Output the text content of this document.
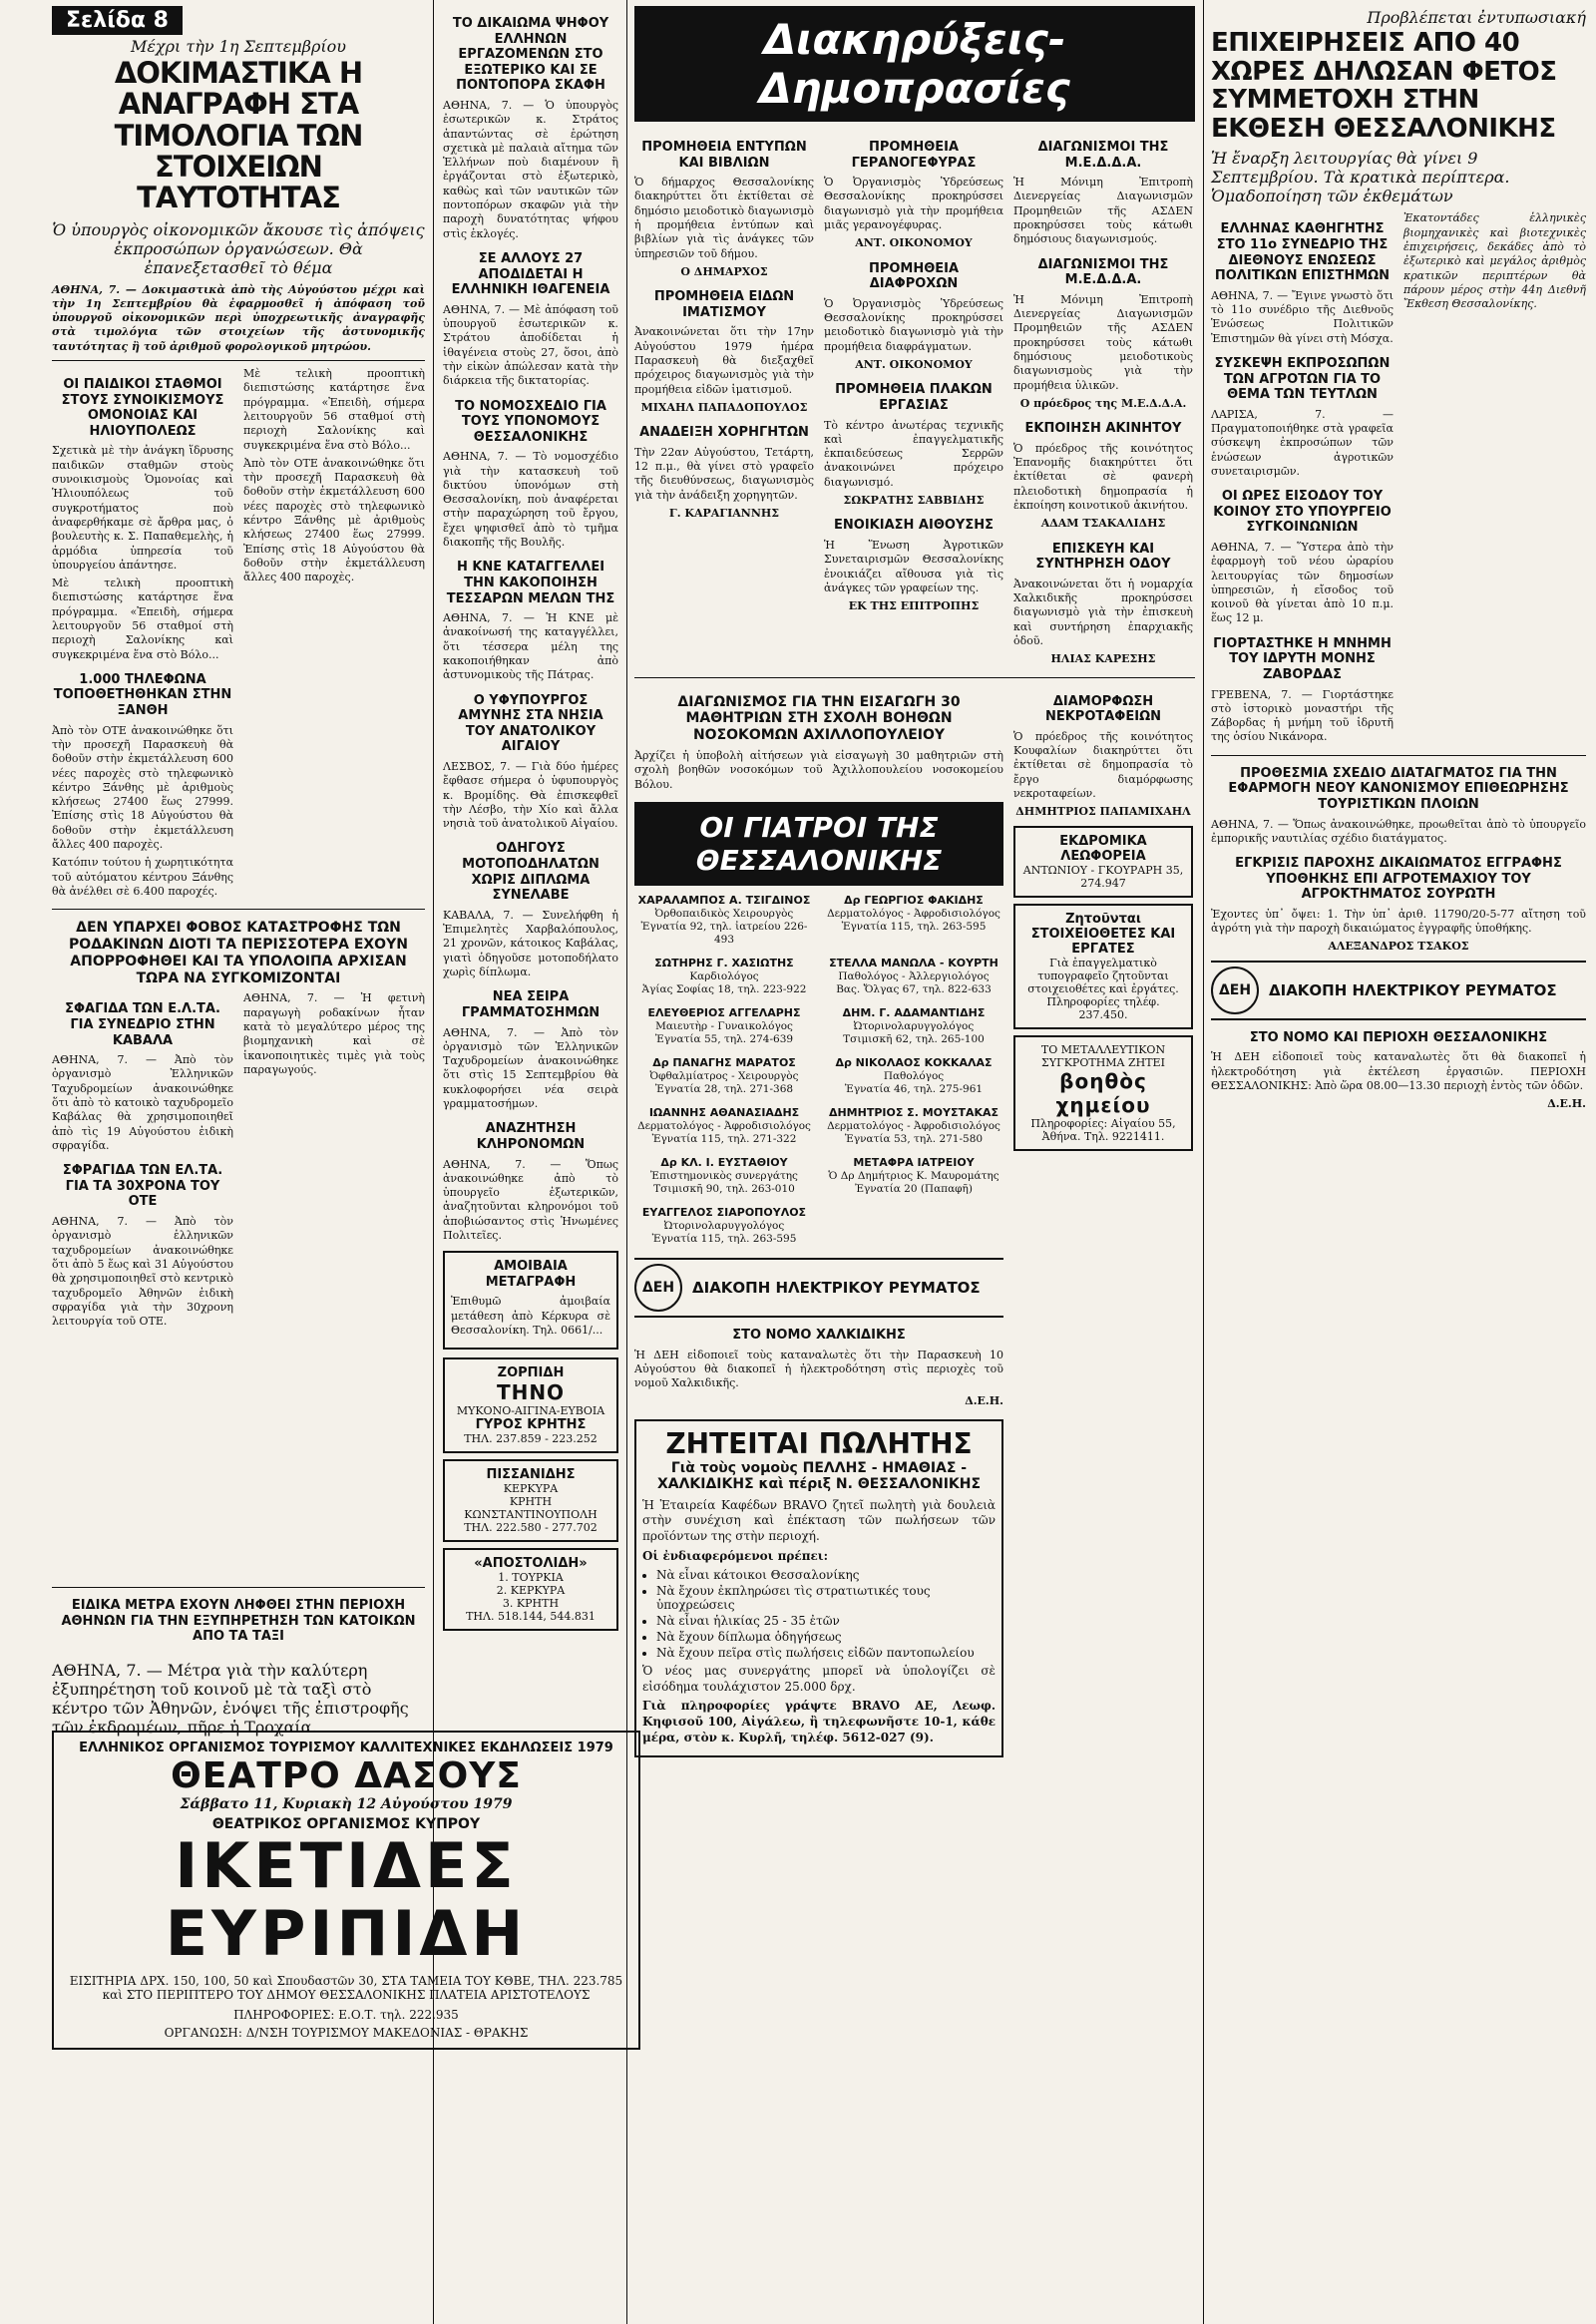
Σελίδα 8
Μέχρι τὴν 1η Σεπτεμβρίου
ΔΟΚΙΜΑΣΤΙΚΑ Η ΑΝΑΓΡΑΦΗ ΣΤΑ ΤΙΜΟΛΟΓΙΑ ΤΩΝ ΣΤΟΙΧΕΙΩΝ ΤΑΥΤΟΤΗΤΑΣ
Ὁ ὑπουργὸς οἰκονομικῶν ἄκουσε τὶς ἀπόψεις ἐκπροσώπων ὀργανώσεων. Θὰ ἐπανεξετασθεῖ τὸ θέμα

ΑΘΗΝΑ, 7. — Δοκιμαστικὰ ἀπὸ τὴς Αὐγούστου μέχρι καὶ τὴν 1η Σεπτεμβρίου θὰ ἐφαρμοσθεῖ ἡ ἀπόφαση τοῦ ὑπουργοῦ οἰκονομικῶν περὶ ὑποχρεωτικῆς ἀναγραφῆς στὰ τιμολόγια τῶν στοιχείων τῆς ἀστυνομικῆς ταυτότητας ἢ τοῦ ἀριθμοῦ φορολογικοῦ μητρώου.

ΟΙ ΠΑΙΔΙΚΟΙ ΣΤΑΘΜΟΙ ΣΤΟΥΣ ΣΥΝΟΙΚΙΣΜΟΥΣ ΟΜΟΝΟΙΑΣ ΚΑΙ ΗΛΙΟΥΠΟΛΕΩΣ

Σχετικὰ μὲ τὴν ἀνάγκη ἵδρυσης παιδικῶν σταθμῶν στοὺς συνοικισμοὺς Ὁμονοίας καὶ Ἡλιουπόλεως τοῦ συγκροτήματος ποὺ ἀναφερθήκαμε σὲ ἄρθρα μας, ὁ βουλευτὴς κ. Σ. Παπαθεμελὴς, ἡ ἁρμόδια ὑπηρεσία τοῦ ὑπουργείου ἀπάντησε.

Μὲ τελικὴ προοπτικὴ διεπιστώσης κατάρτησε ἕνα πρόγραμμα. «Ἐπειδὴ, σήμερα λειτουργοῦν 56 σταθμοί στὴ περιοχὴ Σαλονίκης καὶ συγκεκριμένα ἕνα στὸ Βόλο...

1.000 ΤΗΛΕΦΩΝΑ ΤΟΠΟΘΕΤΗΘΗΚΑΝ ΣΤΗΝ ΞΑΝΘΗ

Ἀπὸ τὸν ΟΤΕ ἀνακοινώθηκε ὅτι τὴν προσεχῆ Παρασκευὴ θὰ δοθοῦν στὴν ἐκμετάλλευση 600 νέες παροχὲς στὸ τηλεφωνικὸ κέντρο Ξάνθης μὲ ἀριθμοὺς κλήσεως 27400 ἕως 27999. Ἐπίσης στὶς 18 Αὐγούστου θὰ δοθοῦν στὴν ἐκμετάλλευση ἄλλες 400 παροχὲς.

Κατόπιν τούτου ἡ χωρητικότητα τοῦ αὐτόματου κέντρου Ξάνθης θὰ ἀνέλθει σὲ 6.400 παροχές.

Μὲ τελικὴ προοπτικὴ διεπιστώσης κατάρτησε ἕνα πρόγραμμα. «Ἐπειδὴ, σήμερα λειτουργοῦν 56 σταθμοί στὴ περιοχὴ Σαλονίκης καὶ συγκεκριμένα ἕνα στὸ Βόλο...

Ἀπὸ τὸν ΟΤΕ ἀνακοινώθηκε ὅτι τὴν προσεχῆ Παρασκευὴ θὰ δοθοῦν στὴν ἐκμετάλλευση 600 νέες παροχὲς στὸ τηλεφωνικὸ κέντρο Ξάνθης μὲ ἀριθμοὺς κλήσεως 27400 ἕως 27999. Ἐπίσης στὶς 18 Αὐγούστου θὰ δοθοῦν στὴν ἐκμετάλλευση ἄλλες 400 παροχὲς.

ΔΕΝ ΥΠΑΡΧΕΙ ΦΟΒΟΣ ΚΑΤΑΣΤΡΟΦΗΣ ΤΩΝ ΡΟΔΑΚΙΝΩΝ ΔΙΟΤΙ ΤΑ ΠΕΡΙΣΣΟΤΕΡΑ ΕΧΟΥΝ ΑΠΟΡΡΟΦΗΘΕΙ ΚΑΙ ΤΑ ΥΠΟΛΟΙΠΑ ΑΡΧΙΣΑΝ ΤΩΡΑ ΝΑ ΣΥΓΚΟΜΙΖΟΝΤΑΙ
ΣΦΑΓΙΔΑ ΤΩΝ Ε.Λ.ΤΑ. ΓΙΑ ΣΥΝΕΔΡΙΟ ΣΤΗΝ ΚΑΒΑΛΑ

ΑΘΗΝΑ, 7. — Ἀπὸ τὸν ὀργανισμὸ Ἑλληνικῶν Ταχυδρομείων ἀνακοινώθηκε ὅτι ἀπὸ τὸ κατοικὸ ταχυδρομεῖο Καβάλας θὰ χρησιμοποιηθεῖ ἀπὸ τὶς 19 Αὐγούστου ἐιδικὴ σφραγίδα.

ΣΦΡΑΓΙΔΑ ΤΩΝ ΕΛ.ΤΑ. ΓΙΑ ΤΑ 30ΧΡΟΝΑ ΤΟΥ ΟΤΕ

ΑΘΗΝΑ, 7. — Ἀπὸ τὸν ὀργανισμὸ ἑλληνικῶν ταχυδρομείων ἀνακοινώθηκε ὅτι ἀπὸ 5 ἕως καὶ 31 Αὐγούστου θὰ χρησιμοποιηθεῖ στὸ κεντρικὸ ταχυδρομεῖο Ἀθηνῶν ἐιδικὴ σφραγίδα γιὰ τὴν 30χρονη λειτουργία τοῦ ΟΤΕ.

ΑΘΗΝΑ, 7. — Ἡ φετινὴ παραγωγὴ ροδακίνων ἦταν κατὰ τὸ μεγαλύτερο μέρος της βιομηχανικὴ καὶ σὲ ἱκανοποιητικὲς τιμὲς γιὰ τοὺς παραγωγούς.

ΤΟ ΔΙΚΑΙΩΜΑ ΨΗΦΟΥ ΕΛΛΗΝΩΝ ΕΡΓΑΖΟΜΕΝΩΝ ΣΤΟ ΕΞΩΤΕΡΙΚΟ ΚΑΙ ΣΕ ΠΟΝΤΟΠΟΡΑ ΣΚΑΦΗ

ΑΘΗΝΑ, 7. — Ὁ ὑπουργὸς ἐσωτερικῶν κ. Στράτος ἀπαντώντας σὲ ἐρώτηση σχετικὰ μὲ παλαιὰ αἴτημα τῶν Ἑλλήνων ποὺ διαμένουν ἢ ἐργάζονται στὸ ἐξωτερικὸ, καθὼς καὶ τῶν ναυτικῶν τῶν ποντοπόρων σκαφῶν γιὰ τὴν παροχὴ δυνατότητας ψήφου στὶς ἐκλογές.

ΣΕ ΑΛΛΟΥΣ 27 ΑΠΟΔΙΔΕΤΑΙ Η ΕΛΛΗΝΙΚΗ ΙΘΑΓΕΝΕΙΑ

ΑΘΗΝΑ, 7. — Μὲ ἀπόφαση τοῦ ὑπουργοῦ ἐσωτερικῶν κ. Στράτου ἀποδίδεται ἡ ἰθαγένεια στοὺς 27, ὅσοι, ἀπὸ τὴν εἰκὼν ἀπώλεσαν κατὰ τὴν διάρκεια τῆς δικτατορίας.

ΤΟ ΝΟΜΟΣΧΕΔΙΟ ΓΙΑ ΤΟΥΣ ΥΠΟΝΟΜΟΥΣ ΘΕΣΣΑΛΟΝΙΚΗΣ

ΑΘΗΝΑ, 7. — Τὸ νομοσχέδιο γιὰ τὴν κατασκευὴ τοῦ δικτύου ὑπονόμων στὴ Θεσσαλονίκη, ποὺ ἀναφέρεται στὴν παραχώρηση τοῦ ἔργου, ἔχει ψηφισθεῖ ἀπὸ τὸ τμῆμα διακοπῆς τῆς Βουλῆς.

Η ΚΝΕ ΚΑΤΑΓΓΕΛΛΕΙ ΤΗΝ ΚΑΚΟΠΟΙΗΣΗ ΤΕΣΣΑΡΩΝ ΜΕΛΩΝ ΤΗΣ

ΑΘΗΝΑ, 7. — Ἡ ΚΝΕ μὲ ἀνακοίνωσή της καταγγέλλει, ὅτι τέσσερα μέλη της κακοποιήθηκαν ἀπὸ ἀστυνομικοὺς τῆς Πάτρας.

Ο ΥΦΥΠΟΥΡΓΟΣ ΑΜΥΝΗΣ ΣΤΑ ΝΗΣΙΑ ΤΟΥ ΑΝΑΤΟΛΙΚΟΥ ΑΙΓΑΙΟΥ

ΛΕΣΒΟΣ, 7. — Γιὰ δύο ἡμέρες ἔφθασε σήμερα ὁ ὑφυπουργὸς κ. Βρομίδης. Θὰ ἐπισκεφθεῖ τὴν Λέσβο, τὴν Χίο καὶ ἄλλα νησιὰ τοῦ ἀνατολικοῦ Αἰγαίου.

ΟΔΗΓΟΥΣ ΜΟΤΟΠΟΔΗΛΑΤΩΝ ΧΩΡΙΣ ΔΙΠΛΩΜΑ ΣΥΝΕΛΑΒΕ

ΚΑΒΑΛΑ, 7. — Συνελήφθη ἡ Ἐπιμελητὲς Χαρβαλόπουλος, 21 χρονῶν, κάτοικος Καβάλας, γιατὶ ὁδηγοῦσε μοτοποδήλατο χωρὶς δίπλωμα.

ΝΕΑ ΣΕΙΡΑ ΓΡΑΜΜΑΤΟΣΗΜΩΝ

ΑΘΗΝΑ, 7. — Ἀπὸ τὸν ὀργανισμὸ τῶν Ἑλληνικῶν Ταχυδρομείων ἀνακοινώθηκε ὅτι στὶς 15 Σεπτεμβρίου θὰ κυκλοφορήσει νέα σειρὰ γραμματοσήμων.

ΑΝΑΖΗΤΗΣΗ ΚΛΗΡΟΝΟΜΩΝ

ΑΘΗΝΑ, 7. — Ὅπως ἀνακοινώθηκε ἀπὸ τὸ ὑπουργεῖο ἐξωτερικῶν, ἀναζητοῦνται κληρονόμοι τοῦ ἀποβιώσαντος στὶς Ἡνωμένες Πολιτεῖες.

ΑΜΟΙΒΑΙΑ ΜΕΤΑΓΡΑΦΗ

Ἐπιθυμῶ ἀμοιβαία μετάθεση ἀπὸ Κέρκυρα σὲ Θεσσαλονίκη. Τηλ. 0661/...

ΖΟΡΠΙΔΗ
ΤΗΝΟ
ΜΥΚΟΝΟ-ΑΙΓΙΝΑ-ΕΥΒΟΙΑ
ΓΥΡΟΣ ΚΡΗΤΗΣ
ΤΗΛ. 237.859 - 223.252
ΠΙΣΣΑΝΙΔΗΣ
ΚΕΡΚΥΡΑ
ΚΡΗΤΗ
ΚΩΝΣΤΑΝΤΙΝΟΥΠΟΛΗ
ΤΗΛ. 222.580 - 277.702
«ΑΠΟΣΤΟΛΙΔΗ»
1. ΤΟΥΡΚΙΑ
2. ΚΕΡΚΥΡΑ
3. ΚΡΗΤΗ
ΤΗΛ. 518.144, 544.831
ΕΙΔΙΚΑ ΜΕΤΡΑ ΕΧΟΥΝ ΛΗΦΘΕΙ ΣΤΗΝ ΠΕΡΙΟΧΗ ΑΘΗΝΩΝ ΓΙΑ ΤΗΝ ΕΞΥΠΗΡΕΤΗΣΗ ΤΩΝ ΚΑΤΟΙΚΩΝ ΑΠΟ ΤΑ ΤΑΞΙ

ΑΘΗΝΑ, 7. — Μέτρα γιὰ τὴν καλύτερη ἐξυπηρέτηση τοῦ κοινοῦ μὲ τὰ ταξὶ στὸ κέντρο τῶν Ἀθηνῶν, ἐνόψει τῆς ἐπιστροφῆς τῶν ἐκδρομέων, πῆρε ἡ Τροχαία.

ΕΛΛΗΝΙΚΟΣ ΟΡΓΑΝΙΣΜΟΣ ΤΟΥΡΙΣΜΟΥ ΚΑΛΛΙΤΕΧΝΙΚΕΣ ΕΚΔΗΛΩΣΕΙΣ 1979
ΘΕΑΤΡΟ ΔΑΣΟΥΣ
Σάββατο 11, Κυριακὴ 12 Αὐγούστου 1979
ΘΕΑΤΡΙΚΟΣ ΟΡΓΑΝΙΣΜΟΣ ΚΥΠΡΟΥ
ΙΚΕΤΙΔΕΣ
ΕΥΡΙΠΙΔΗ
ΕΙΣΙΤΗΡΙΑ ΔΡΧ. 150, 100, 50 καὶ Σπουδαστῶν 30, ΣΤΑ ΤΑΜΕΙΑ ΤΟΥ ΚΘΒΕ, ΤΗΛ. 223.785 καὶ ΣΤΟ ΠΕΡΙΠΤΕΡΟ ΤΟΥ ΔΗΜΟΥ ΘΕΣΣΑΛΟΝΙΚΗΣ ΠΛΑΤΕΙΑ ΑΡΙΣΤΟΤΕΛΟΥΣ
ΠΛΗΡΟΦΟΡΙΕΣ: Ε.Ο.Τ. τηλ. 222.935
ΟΡΓΑΝΩΣΗ: Δ/ΝΣΗ ΤΟΥΡΙΣΜΟΥ ΜΑΚΕΔΟΝΙΑΣ - ΘΡΑΚΗΣ
Διακηρύξεις-Δημοπρασίες
ΠΡΟΜΗΘΕΙΑ ΕΝΤΥΠΩΝ ΚΑΙ ΒΙΒΛΙΩΝ

Ὁ δήμαρχος Θεσσαλονίκης διακηρύττει ὅτι ἐκτίθεται σὲ δημόσιο μειοδοτικὸ διαγωνισμὸ ἡ προμήθεια ἐντύπων καὶ βιβλίων γιὰ τὶς ἀνάγκες τῶν ὑπηρεσιῶν τοῦ δήμου.

Ο ΔΗΜΑΡΧΟΣ

ΠΡΟΜΗΘΕΙΑ ΕΙΔΩΝ ΙΜΑΤΙΣΜΟΥ

Ἀνακοινώνεται ὅτι τὴν 17ην Αὐγούστου 1979 ἡμέρα Παρασκευὴ θὰ διεξαχθεῖ πρόχειρος διαγωνισμὸς γιὰ τὴν προμήθεια εἰδῶν ἱματισμοῦ.

ΜΙΧΑΗΛ ΠΑΠΑΔΟΠΟΥΛΟΣ

ΑΝΑΔΕΙΞΗ ΧΟΡΗΓΗΤΩΝ

Τὴν 22αν Αὐγούστου, Τετάρτη, 12 π.μ., θὰ γίνει στὸ γραφεῖο τῆς διευθύνσεως, διαγωνισμὸς γιὰ τὴν ἀνάδειξη χορηγητῶν.

Γ. ΚΑΡΑΓΙΑΝΝΗΣ

ΠΡΟΜΗΘΕΙΑ ΓΕΡΑΝΟΓΕΦΥΡΑΣ

Ὁ Ὀργανισμὸς Ὑδρεύσεως Θεσσαλονίκης προκηρύσσει διαγωνισμὸ γιὰ τὴν προμήθεια μιᾶς γερανογέφυρας.

ΑΝΤ. ΟΙΚΟΝΟΜΟΥ

ΠΡΟΜΗΘΕΙΑ ΔΙΑΦΡΟΧΩΝ

Ὁ Ὀργανισμὸς Ὑδρεύσεως Θεσσαλονίκης προκηρύσσει μειοδοτικὸ διαγωνισμὸ γιὰ τὴν προμήθεια διαφράγματων.

ΑΝΤ. ΟΙΚΟΝΟΜΟΥ

ΠΡΟΜΗΘΕΙΑ ΠΛΑΚΩΝ ΕΡΓΑΣΙΑΣ

Τὸ κέντρο ἀνωτέρας τεχνικῆς καὶ ἐπαγγελματικῆς ἐκπαιδεύσεως Σερρῶν ἀνακοινώνει πρόχειρο διαγωνισμό.

ΣΩΚΡΑΤΗΣ ΣΑΒΒΙΔΗΣ

ΕΝΟΙΚΙΑΣΗ ΑΙΘΟΥΣΗΣ

Ἡ Ἕνωση Ἀγροτικῶν Συνεταιρισμῶν Θεσσαλονίκης ἐνοικιάζει αἴθουσα γιὰ τὶς ἀνάγκες τῶν γραφείων της.

ΕΚ ΤΗΣ ΕΠΙΤΡΟΠΗΣ

ΔΙΑΓΩΝΙΣΜΟΙ ΤΗΣ Μ.Ε.Δ.Δ.Α.

Ἡ Μόνιμη Ἐπιτροπὴ Διενεργείας Διαγωνισμῶν Προμηθειῶν τῆς ΑΣΔΕΝ προκηρύσσει τοὺς κάτωθι δημόσιους διαγωνισμούς.

ΔΙΑΓΩΝΙΣΜΟΙ ΤΗΣ Μ.Ε.Δ.Δ.Α.

Ἡ Μόνιμη Ἐπιτροπὴ Διενεργείας Διαγωνισμῶν Προμηθειῶν τῆς ΑΣΔΕΝ προκηρύσσει τοὺς κάτωθι δημόσιους μειοδοτικοὺς διαγωνισμοὺς γιὰ τὴν προμήθεια ὑλικῶν.

Ο πρόεδρος της Μ.Ε.Δ.Δ.Α.

ΕΚΠΟΙΗΣΗ ΑΚΙΝΗΤΟΥ

Ὁ πρόεδρος τῆς κοινότητος Ἐπανομῆς διακηρύττει ὅτι ἐκτίθεται σὲ φανερὴ πλειοδοτικὴ δημοπρασία ἡ ἐκποίηση κοινοτικοῦ ἀκινήτου.

ΑΔΑΜ ΤΣΑΚΑΛΙΔΗΣ

ΕΠΙΣΚΕΥΗ ΚΑΙ ΣΥΝΤΗΡΗΣΗ ΟΔΟΥ

Ἀνακοινώνεται ὅτι ἡ νομαρχία Χαλκιδικῆς προκηρύσσει διαγωνισμὸ γιὰ τὴν ἐπισκευὴ καὶ συντήρηση ἐπαρχιακῆς ὁδοῦ.

ΗΛΙΑΣ ΚΑΡΕΣΗΣ

ΔΙΑΓΩΝΙΣΜΟΣ ΓΙΑ ΤΗΝ ΕΙΣΑΓΩΓΗ 30 ΜΑΘΗΤΡΙΩΝ ΣΤΗ ΣΧΟΛΗ ΒΟΗΘΩΝ ΝΟΣΟΚΟΜΩΝ ΑΧΙΛΛΟΠΟΥΛΕΙΟΥ

Ἀρχίζει ἡ ὑποβολὴ αἰτήσεων γιὰ εἰσαγωγὴ 30 μαθητριῶν στὴ σχολὴ βοηθῶν νοσοκόμων τοῦ Ἀχιλλοπουλείου νοσοκομείου Βόλου.

ΟΙ ΓΙΑΤΡΟΙ ΤΗΣ ΘΕΣΣΑΛΟΝΙΚΗΣ
ΧΑΡΑΛΑΜΠΟΣ Α. ΤΣΙΓΔΙΝΟΣ
Ὀρθοπαιδικὸς Χειρουργὸς
Ἐγνατία 92, τηλ. ἰατρείου 226-493
Δρ ΓΕΩΡΓΙΟΣ ΦΑΚΙΔΗΣ
Δερματολόγος - Ἀφροδισιολόγος
Ἐγνατία 115, τηλ. 263-595
ΣΩΤΗΡΗΣ Γ. ΧΑΣΙΩΤΗΣ
Καρδιολόγος
Ἁγίας Σοφίας 18, τηλ. 223-922
ΣΤΕΛΛΑ ΜΑΝΩΛΑ - ΚΟΥΡΤΗ
Παθολόγος - Ἀλλεργιολόγος
Βας. Ὄλγας 67, τηλ. 822-633
ΕΛΕΥΘΕΡΙΟΣ ΑΓΓΕΛΑΡΗΣ
Μαιευτὴρ - Γυναικολόγος
Ἐγνατία 55, τηλ. 274-639
ΔΗΜ. Γ. ΑΔΑΜΑΝΤΙΔΗΣ
Ὠτορινολαρυγγολόγος
Τσιμισκῆ 62, τηλ. 265-100
Δρ ΠΑΝΑΓΗΣ ΜΑΡΑΤΟΣ
Ὀφθαλμίατρος - Χειρουργὸς
Ἐγνατία 28, τηλ. 271-368
Δρ ΝΙΚΟΛΑΟΣ ΚΟΚΚΑΛΑΣ
Παθολόγος
Ἐγνατία 46, τηλ. 275-961
ΙΩΑΝΝΗΣ ΑΘΑΝΑΣΙΑΔΗΣ
Δερματολόγος - Ἀφροδισιολόγος
Ἐγνατία 115, τηλ. 271-322
ΔΗΜΗΤΡΙΟΣ Σ. ΜΟΥΣΤΑΚΑΣ
Δερματολόγος - Ἀφροδισιολόγος
Ἐγνατία 53, τηλ. 271-580
Δρ ΚΛ. Ι. ΕΥΣΤΑΘΙΟΥ
Ἐπιστημονικὸς συνεργάτης
Τσιμισκῆ 90, τηλ. 263-010
ΜΕΤΑΦΡΑ ΙΑΤΡΕΙΟΥ
Ὁ Δρ Δημήτριος Κ. Μαυρομάτης
Ἐγνατία 20 (Παπαφῆ)
ΕΥΑΓΓΕΛΟΣ ΣΙΑΡΟΠΟΥΛΟΣ
Ὠτορινολαρυγγολόγος
Ἐγνατία 115, τηλ. 263-595
ΔΕΗ	ΔΙΑΚΟΠΗ ΗΛΕΚΤΡΙΚΟΥ ΡΕΥΜΑΤΟΣ
ΣΤΟ ΝΟΜΟ ΧΑΛΚΙΔΙΚΗΣ

Ἡ ΔΕΗ εἰδοποιεῖ τοὺς καταναλωτὲς ὅτι τὴν Παρασκευὴ 10 Αὐγούστου θὰ διακοπεῖ ἡ ἠλεκτροδότηση στὶς περιοχὲς τοῦ νομοῦ Χαλκιδικῆς.

Δ.Ε.Η.

ΖΗΤΕΙΤΑΙ ΠΩΛΗΤΗΣ
Γιὰ τοὺς νομοὺς ΠΕΛΛΗΣ - ΗΜΑΘΙΑΣ - ΧΑΛΚΙΔΙΚΗΣ καὶ πέριξ Ν. ΘΕΣΣΑΛΟΝΙΚΗΣ

Ἡ Ἑταιρεία Καφέδων BRAVO ζητεῖ πωλητὴ γιὰ δουλειὰ στὴν συνέχιση καὶ ἐπέκταση τῶν πωλήσεων τῶν προϊόντων της στὴν περιοχή.

Οἱ ἐνδιαφερόμενοι πρέπει:

• Νὰ εἶναι κάτοικοι Θεσσαλονίκης
• Νὰ ἔχουν ἐκπληρώσει τὶς στρατιωτικές τους ὑποχρεώσεις
• Νὰ εἶναι ἡλικίας 25 - 35 ἐτῶν
• Νὰ ἔχουν δίπλωμα ὁδηγήσεως
• Νὰ ἔχουν πεῖρα στὶς πωλήσεις εἰδῶν παντοπωλείου

Ὁ νέος μας συνεργάτης μπορεῖ νὰ ὑπολογίζει σὲ εἰσόδημα τουλάχιστον 25.000 δρχ.

Γιὰ πληροφορίες γράψτε BRAVO ΑΕ, Λεωφ. Κηφισοῦ 100, Αἰγάλεω, ἢ τηλεφωνῆστε 10-1, κάθε μέρα, στὸν κ. Κυρλῆ, τηλέφ. 5612-027 (9).

ΔΙΑΜΟΡΦΩΣΗ ΝΕΚΡΟΤΑΦΕΙΩΝ

Ὁ πρόεδρος τῆς κοινότητος Κουφαλίων διακηρύττει ὅτι ἐκτίθεται σὲ δημοπρασία τὸ ἔργο διαμόρφωσης νεκροταφείων.

ΔΗΜΗΤΡΙΟΣ ΠΑΠΑΜΙΧΑΗΛ

ΕΚΔΡΟΜΙΚΑ ΛΕΩΦΟΡΕΙΑ
ΑΝΤΩΝΙΟΥ - ΓΚΟΥΡΑΡΗ 35, 274.947
Ζητοῦνται ΣΤΟΙΧΕΙΟΘΕΤΕΣ ΚΑΙ ΕΡΓΑΤΕΣ
Γιὰ ἐπαγγελματικὸ τυπογραφεῖο ζητοῦνται στοιχειοθέτες καὶ ἐργάτες. Πληροφορίες τηλέφ. 237.450.
ΤΟ ΜΕΤΑΛΛΕΥΤΙΚΟΝ ΣΥΓΚΡΟΤΗΜΑ ΖΗΤΕΙ
βοηθὸς χημείου
Πληροφορίες: Αἰγαίου 55, Ἀθήνα. Τηλ. 9221411.
Προβλέπεται ἐντυπωσιακή
ΕΠΙΧΕΙΡΗΣΕΙΣ ΑΠΟ 40 ΧΩΡΕΣ ΔΗΛΩΣΑΝ ΦΕΤΟΣ ΣΥΜΜΕΤΟΧΗ ΣΤΗΝ ΕΚΘΕΣΗ ΘΕΣΣΑΛΟΝΙΚΗΣ
Ἡ ἔναρξη λειτουργίας θὰ γίνει 9 Σεπτεμβρίου. Τὰ κρατικὰ περίπτερα. Ὁμαδοποίηση τῶν ἐκθεμάτων
ΕΛΛΗΝΑΣ ΚΑΘΗΓΗΤΗΣ ΣΤΟ 11ο ΣΥΝΕΔΡΙΟ ΤΗΣ ΔΙΕΘΝΟΥΣ ΕΝΩΣΕΩΣ ΠΟΛΙΤΙΚΩΝ ΕΠΙΣΤΗΜΩΝ

ΑΘΗΝΑ, 7. — Ἔγινε γνωστὸ ὅτι τὸ 11ο συνέδριο τῆς Διεθνοῦς Ἑνώσεως Πολιτικῶν Ἐπιστημῶν θὰ γίνει στὴ Μόσχα.

ΣΥΣΚΕΨΗ ΕΚΠΡΟΣΩΠΩΝ ΤΩΝ ΑΓΡΟΤΩΝ ΓΙΑ ΤΟ ΘΕΜΑ ΤΩΝ ΤΕΥΤΛΩΝ

ΛΑΡΙΣΑ, 7. — Πραγματοποιήθηκε στὰ γραφεῖα σύσκεψη ἐκπροσώπων τῶν ἑνώσεων ἀγροτικῶν συνεταιρισμῶν.

ΟΙ ΩΡΕΣ ΕΙΣΟΔΟΥ ΤΟΥ ΚΟΙΝΟΥ ΣΤΟ ΥΠΟΥΡΓΕΙΟ ΣΥΓΚΟΙΝΩΝΙΩΝ

ΑΘΗΝΑ, 7. — Ὕστερα ἀπὸ τὴν ἐφαρμογὴ τοῦ νέου ὡραρίου λειτουργίας τῶν δημοσίων ὑπηρεσιῶν, ἡ εἴσοδος τοῦ κοινοῦ θὰ γίνεται ἀπὸ 10 π.μ. ἕως 12 μ.

ΓΙΟΡΤΑΣΤΗΚΕ Η ΜΝΗΜΗ ΤΟΥ ΙΔΡΥΤΗ ΜΟΝΗΣ ΖΑΒΟΡΔΑΣ

ΓΡΕΒΕΝΑ, 7. — Γιορτάστηκε στὸ ἱστορικὸ μοναστήρι τῆς Ζάβορδας ἡ μνήμη τοῦ ἱδρυτῆ της ὁσίου Νικάνορα.

Ἐκατοντάδες ἑλληνικὲς βιομηχανικὲς καὶ βιοτεχνικὲς ἐπιχειρήσεις, δεκάδες ἀπὸ τὸ ἐξωτερικὸ καὶ μεγάλος ἀριθμὸς κρατικῶν περιπτέρων θὰ πάρουν μέρος στὴν 44η Διεθνῆ Ἔκθεση Θεσσαλονίκης.

ΠΡΟΘΕΣΜΙΑ ΣΧΕΔΙΟ ΔΙΑΤΑΓΜΑΤΟΣ ΓΙΑ ΤΗΝ ΕΦΑΡΜΟΓΗ ΝΕΟΥ ΚΑΝΟΝΙΣΜΟΥ ΕΠΙΘΕΩΡΗΣΗΣ ΤΟΥΡΙΣΤΙΚΩΝ ΠΛΟΙΩΝ

ΑΘΗΝΑ, 7. — Ὅπως ἀνακοινώθηκε, προωθεῖται ἀπὸ τὸ ὑπουργεῖο ἐμπορικῆς ναυτιλίας σχέδιο διατάγματος.

ΕΓΚΡΙΣΙΣ ΠΑΡΟΧΗΣ ΔΙΚΑΙΩΜΑΤΟΣ ΕΓΓΡΑΦΗΣ ΥΠΟΘΗΚΗΣ ΕΠΙ ΑΓΡΟΤΕΜΑΧΙΟΥ ΤΟΥ ΑΓΡΟΚΤΗΜΑΤΟΣ ΣΟΥΡΩΤΗ

Ἐχοντες ὑπ᾽ ὄψει: 1. Τὴν ὑπ᾽ ἀριθ. 11790/20-5-77 αἴτηση τοῦ ἀγρότη γιὰ τὴν παροχὴ δικαιώματος ἐγγραφῆς ὑποθήκης.

ΑΛΕΞΑΝΔΡΟΣ ΤΣΑΚΟΣ

ΔΕΗ	ΔΙΑΚΟΠΗ ΗΛΕΚΤΡΙΚΟΥ ΡΕΥΜΑΤΟΣ
ΣΤΟ ΝΟΜΟ ΚΑΙ ΠΕΡΙΟΧΗ ΘΕΣΣΑΛΟΝΙΚΗΣ

Ἡ ΔΕΗ εἰδοποιεῖ τοὺς καταναλωτὲς ὅτι θὰ διακοπεῖ ἡ ἠλεκτροδότηση γιὰ ἐκτέλεση ἐργασιῶν. ΠΕΡΙΟΧΗ ΘΕΣΣΑΛΟΝΙΚΗΣ: Ἀπὸ ὥρα 08.00—13.30 περιοχὴ ἐντὸς τῶν ὁδῶν.

Δ.Ε.Η.
